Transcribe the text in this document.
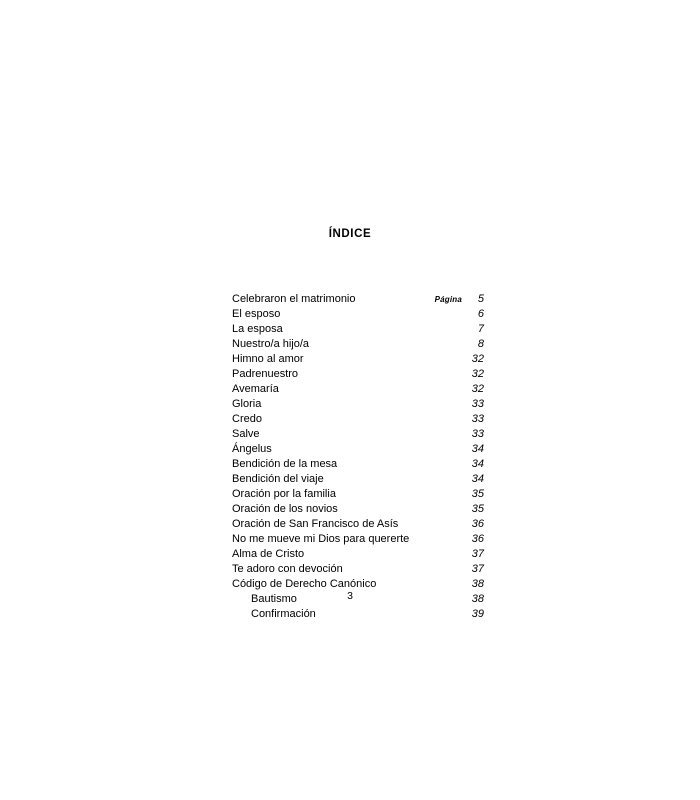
ÍNDICE
Celebraron el matrimonio	Página	5
El esposo	6
La esposa	7
Nuestro/a hijo/a	8
Himno al amor	32
Padrenuestro	32
Avemaría	32
Gloria	33
Credo	33
Salve	33
Ángelus	34
Bendición de la mesa	34
Bendición del viaje	34
Oración por la familia	35
Oración de los novios	35
Oración de San Francisco de Asís	36
No me mueve mi Dios para quererte	36
Alma de Cristo	37
Te adoro con devoción	37
Código de Derecho Canónico	38
Bautismo	38
Confirmación	39
3
